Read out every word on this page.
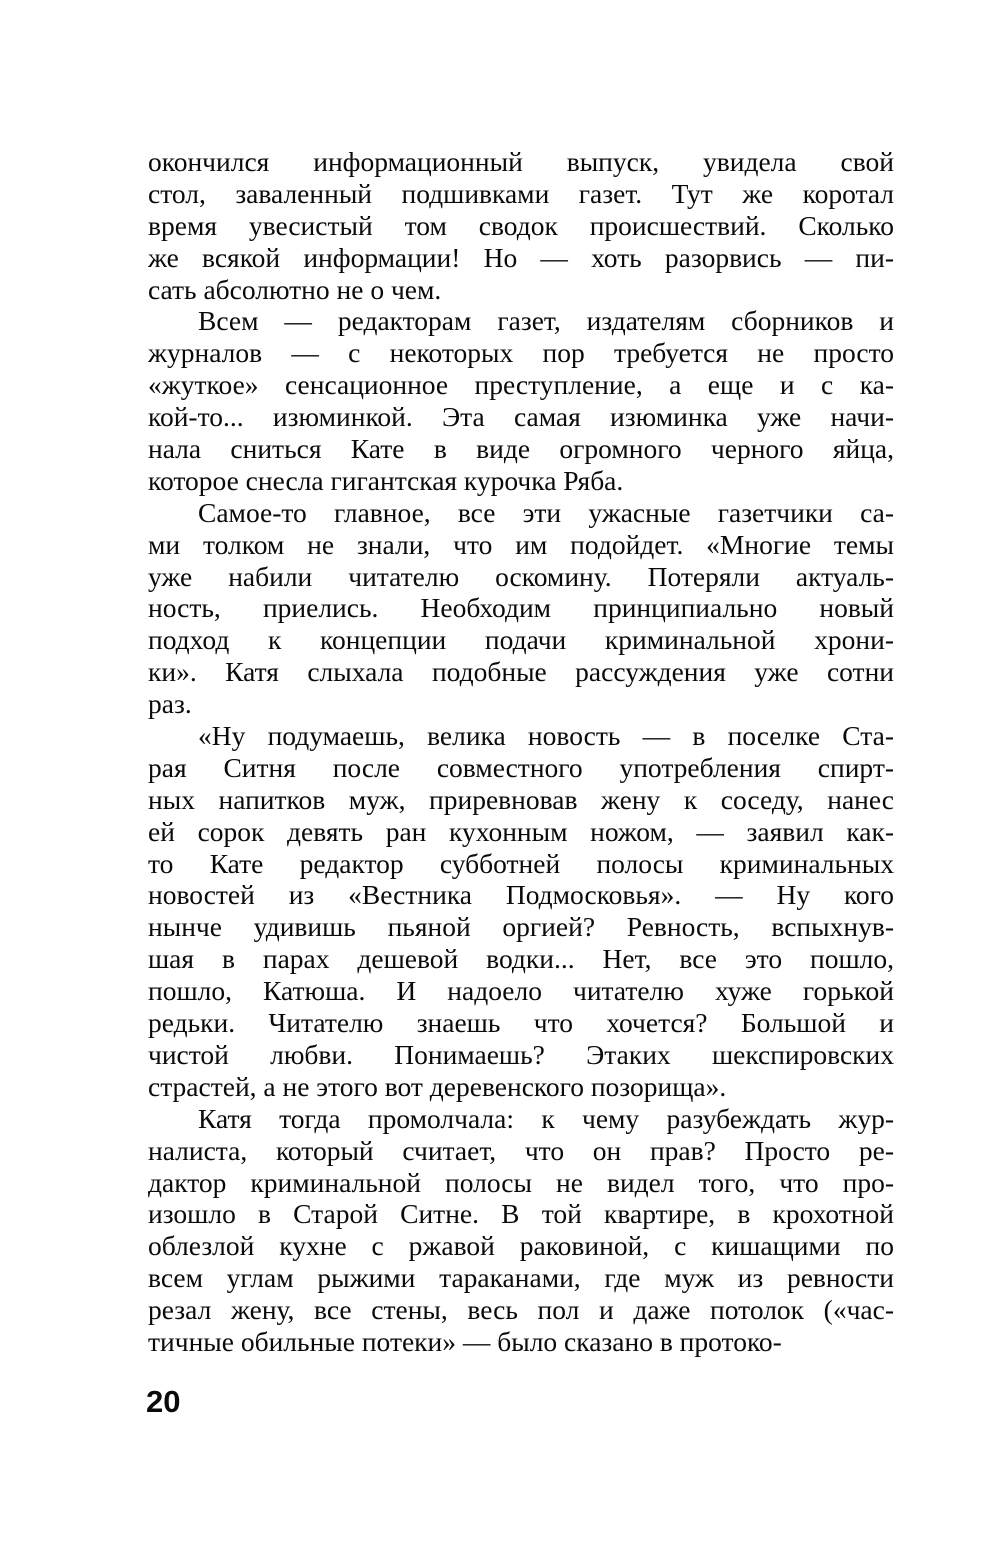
окончился информационный выпуск, увидела свой
стол, заваленный подшивками газет. Тут же коротал
время увесистый том сводок происшествий. Сколько
же всякой информации! Но — хоть разорвись — пи-
сать абсолютно не о чем.
Всем — редакторам газет, издателям сборников и
журналов — с некоторых пор требуется не просто
«жуткое» сенсационное преступление, а еще и с ка-
кой-то... изюминкой. Эта самая изюминка уже начи-
нала сниться Кате в виде огромного черного яйца,
которое снесла гигантская курочка Ряба.
Самое-то главное, все эти ужасные газетчики са-
ми толком не знали, что им подойдет. «Многие темы
уже набили читателю оскомину. Потеряли актуаль-
ность, приелись. Необходим принципиально новый
подход к концепции подачи криминальной хрони-
ки». Катя слыхала подобные рассуждения уже сотни
раз.
«Ну подумаешь, велика новость — в поселке Ста-
рая Ситня после совместного употребления спирт-
ных напитков муж, приревновав жену к соседу, нанес
ей сорок девять ран кухонным ножом, — заявил как-
то Кате редактор субботней полосы криминальных
новостей из «Вестника Подмосковья». — Ну кого
нынче удивишь пьяной оргией? Ревность, вспыхнув-
шая в парах дешевой водки... Нет, все это пошло,
пошло, Катюша. И надоело читателю хуже горькой
редьки. Читателю знаешь что хочется? Большой и
чистой любви. Понимаешь? Этаких шекспировских
страстей, а не этого вот деревенского позорища».
Катя тогда промолчала: к чему разубеждать жур-
налиста, который считает, что он прав? Просто ре-
дактор криминальной полосы не видел того, что про-
изошло в Старой Ситне. В той квартире, в крохотной
облезлой кухне с ржавой раковиной, с кишащими по
всем углам рыжими тараканами, где муж из ревности
резал жену, все стены, весь пол и даже потолок («час-
тичные обильные потеки» — было сказано в протоко-
20
